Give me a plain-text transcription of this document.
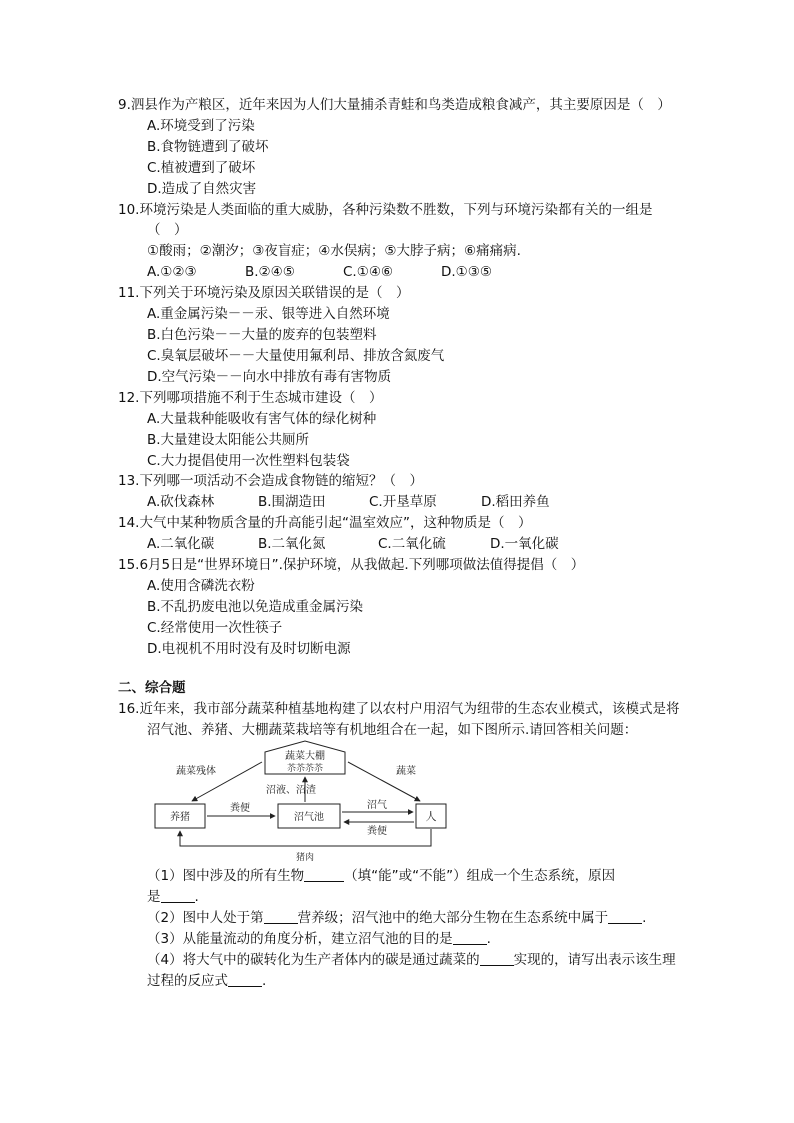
9.泗县作为产粮区，近年来因为人们大量捕杀青蛙和鸟类造成粮食减产，其主要原因是（　）
A.环境受到了污染
B.食物链遭到了破坏
C.植被遭到了破坏
D.造成了自然灾害
10.环境污染是人类面临的重大威胁，各种污染数不胜数，下列与环境污染都有关的一组是
（　）
①酸雨；②潮汐；③夜盲症；④水俣病；⑤大脖子病；⑥痛痛病.
A.①②③	B.②④⑤	C.①④⑥	D.①③⑤
11.下列关于环境污染及原因关联错误的是（　）
A.重金属污染－－汞、银等进入自然环境
B.白色污染－－大量的废弃的包装塑料
C.臭氧层破坏－－大量使用氟利昂、排放含氮废气
D.空气污染－－向水中排放有毒有害物质
12.下列哪项措施不利于生态城市建设（　）
A.大量栽种能吸收有害气体的绿化树种
B.大量建设太阳能公共厕所
C.大力提倡使用一次性塑料包装袋
13.下列哪一项活动不会造成食物链的缩短？（　）
A.砍伐森林	B.围湖造田	C.开垦草原	D.稻田养鱼
14.大气中某种物质含量的升高能引起“温室效应”，这种物质是（　）
A.二氧化碳	B.二氧化氮	C.二氧化硫	D.一氧化碳
15.6月5日是“世界环境日”.保护环境，从我做起.下列哪项做法值得提倡（　）
A.使用含磷洗衣粉
B.不乱扔废电池以免造成重金属污染
C.经常使用一次性筷子
D.电视机不用时没有及时切断电源
二、综合题
16.近年来，我市部分蔬菜种植基地构建了以农村户用沼气为纽带的生态农业模式，该模式是将
沼气池、养猪、大棚蔬菜栽培等有机地组合在一起，如下图所示.请回答相关问题：
蔬菜大棚
苶苶苶苶
养猪	沼气池	人
蔬菜残体	蔬菜
沼液、沼渣
粪便	沼气
粪便
猪肉
（1）图中涉及的所有生物	（填“能”或“不能”）组成一个生态系统，原因
是	.
（2）图中人处于第	营养级；沼气池中的绝大部分生物在生态系统中属于	.
（3）从能量流动的角度分析，建立沼气池的目的是	.
（4）将大气中的碳转化为生产者体内的碳是通过蔬菜的	实现的，请写出表示该生理
过程的反应式	.
